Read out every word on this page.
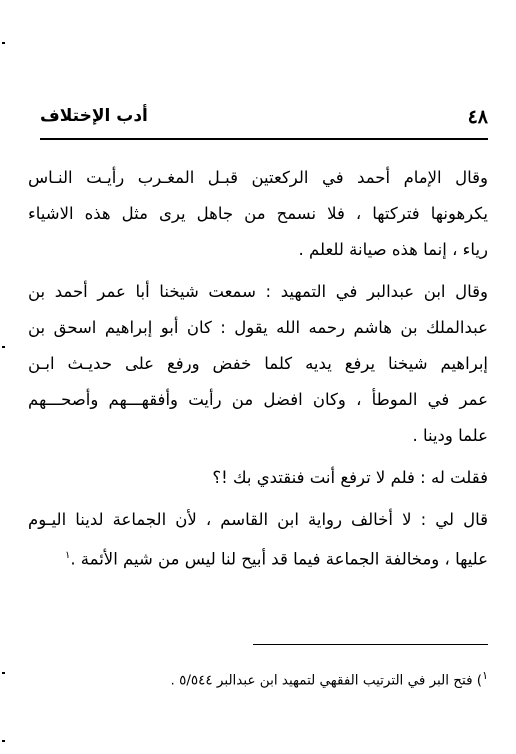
٤٨
أدب الإختلاف
وقال الإمام أحمد في الركعتين قبـل المغـرب رأيـت النـاس
يكرهونها فتركتها ، فلا نسمح من جاهل يرى مثل هذه الاشياء
رياء ، إنما هذه صيانة للعلم .
وقال ابن عبدالبر في التمهيد : سمعت شيخنا أبا عمر أحمد بن
عبدالملك بن هاشم رحمه الله يقول : كان أبو إبراهيم اسحق بن
إبراهيم شيخنا يرفع يديه كلما خفض ورفع على حديـث ابـن
عمر في الموطأ ، وكان افضل من رأيت وأفقهـــهم وأصحـــهم
علما ودينا .
فقلت له : فلم لا ترفع أنت فنقتدي بك !؟
قال لي : لا أخالف رواية ابن القاسم ، لأن الجماعة لدينا اليـوم
عليها ، ومخالفة الجماعة فيما قد أبيح لنا ليس من شيم الأئمة .$^١$
$^١$) فتح البر في الترتيب الفقهي لتمهيد ابن عبدالبر ٥/٥٤٤ .
